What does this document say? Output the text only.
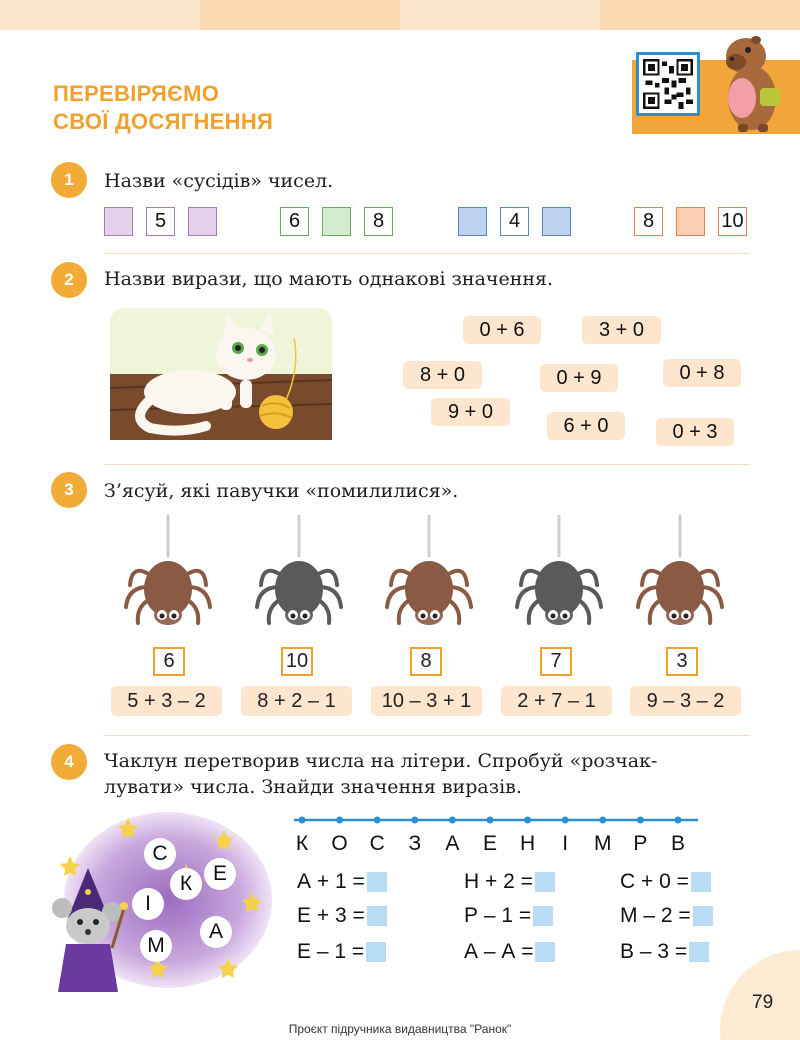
ПЕРЕВІРЯЄМО
СВОЇ ДОСЯГНЕННЯ
1	Назви «сусідів» чисел.
5	6	8	4	8	10
2	Назви вирази, що мають однакові значення.
0 + 6	3 + 0
8 + 0	0 + 9	0 + 8
9 + 0
6 + 0	0 + 3
3	З’ясуй, які павучки «помилилися».
6
5 + 3 – 2
10
8 + 2 – 1
8
10 – 3 + 1
7
2 + 7 – 1
3
9 – 3 – 2
4	Чаклун перетворив числа на літери. Спробуй «розчак-
лувати» числа. Знайди значення виразів.
С
К Е
І
М
А
К	О	С	З	А	Е	Н	І	М	Р	В
А + 1 =	Н + 2 =	С + 0 =
Е + 3 =	Р – 1 =	М – 2 =
Е – 1 =	А – А =	В – 3 =
79
Проєкт підручника видавництва "Ранок"
